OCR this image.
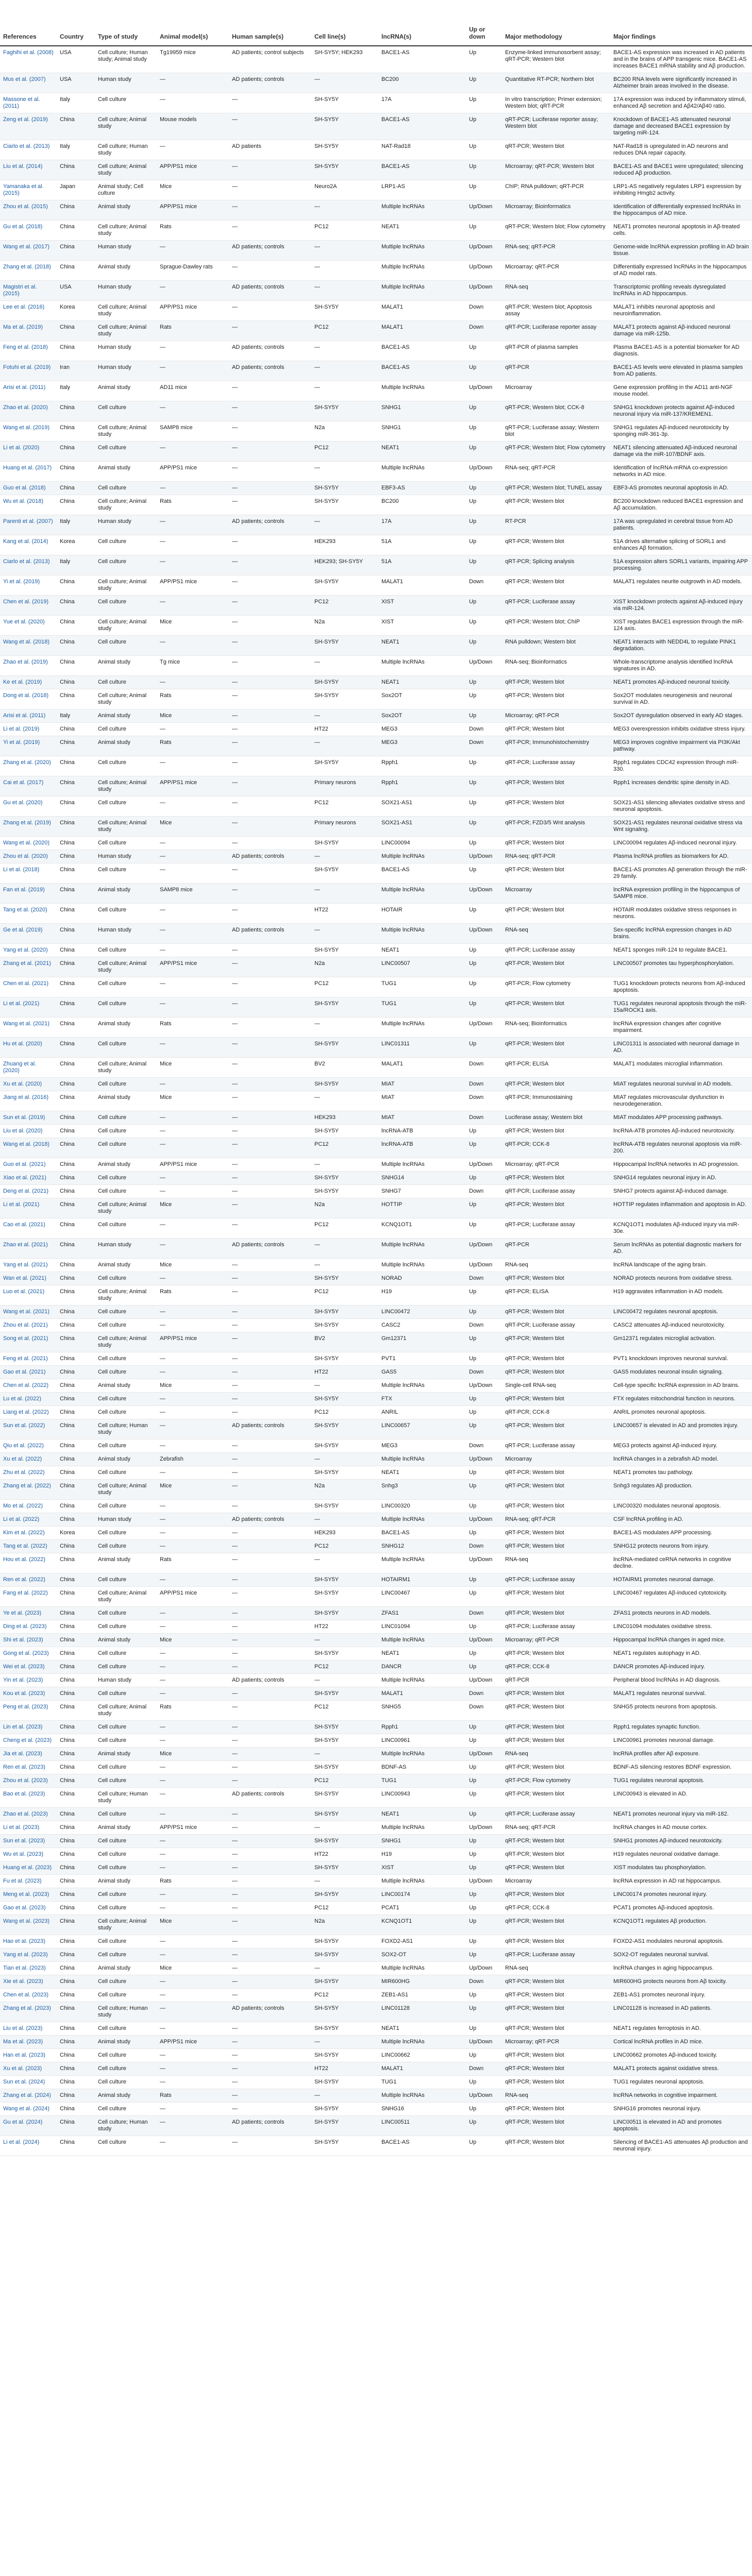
References	Country	Type of study	Animal model(s)	Human sample(s)	Cell line(s)	lncRNA(s)	Up or down	Major methodology	Major findings
Faghihi et al. (2008)	USA	Cell culture; Human study; Animal study	Tg19959 mice	AD patients; control subjects	SH-SY5Y; HEK293	BACE1-AS	Up	Enzyme-linked immunosorbent assay; qRT-PCR; Western blot	BACE1-AS expression was increased in AD patients and in the brains of APP transgenic mice. BACE1-AS increases BACE1 mRNA stability and Aβ production.
Mus et al. (2007)	USA	Human study	—	AD patients; controls	—	BC200	Up	Quantitative RT-PCR; Northern blot	BC200 RNA levels were significantly increased in Alzheimer brain areas involved in the disease.
Massone et al. (2011)	Italy	Cell culture	—	—	SH-SY5Y	17A	Up	In vitro transcription; Primer extension; Western blot; qRT-PCR	17A expression was induced by inflammatory stimuli, enhanced Aβ secretion and Aβ42/Aβ40 ratio.
Zeng et al. (2019)	China	Cell culture; Animal study	Mouse models	—	SH-SY5Y	BACE1-AS	Up	qRT-PCR; Luciferase reporter assay; Western blot	Knockdown of BACE1-AS attenuated neuronal damage and decreased BACE1 expression by targeting miR-124.
Ciarlo et al. (2013)	Italy	Cell culture; Human study	—	AD patients	SH-SY5Y	NAT-Rad18	Up	qRT-PCR; Western blot	NAT-Rad18 is upregulated in AD neurons and reduces DNA repair capacity.
Liu et al. (2014)	China	Cell culture; Animal study	APP/PS1 mice	—	SH-SY5Y	BACE1-AS	Up	Microarray; qRT-PCR; Western blot	BACE1-AS and BACE1 were upregulated; silencing reduced Aβ production.
Yamanaka et al. (2015)	Japan	Animal study; Cell culture	Mice	—	Neuro2A	LRP1-AS	Up	ChIP; RNA pulldown; qRT-PCR	LRP1-AS negatively regulates LRP1 expression by inhibiting Hmgb2 activity.
Zhou et al. (2015)	China	Animal study	APP/PS1 mice	—	—	Multiple lncRNAs	Up/Down	Microarray; Bioinformatics	Identification of differentially expressed lncRNAs in the hippocampus of AD mice.
Gu et al. (2018)	China	Cell culture; Animal study	Rats	—	PC12	NEAT1	Up	qRT-PCR; Western blot; Flow cytometry	NEAT1 promotes neuronal apoptosis in Aβ-treated cells.
Wang et al. (2017)	China	Human study	—	AD patients; controls	—	Multiple lncRNAs	Up/Down	RNA-seq; qRT-PCR	Genome-wide lncRNA expression profiling in AD brain tissue.
Zhang et al. (2018)	China	Animal study	Sprague-Dawley rats	—	—	Multiple lncRNAs	Up/Down	Microarray; qRT-PCR	Differentially expressed lncRNAs in the hippocampus of AD model rats.
Magistri et al. (2015)	USA	Human study	—	AD patients; controls	—	Multiple lncRNAs	Up/Down	RNA-seq	Transcriptomic profiling reveals dysregulated lncRNAs in AD hippocampus.
Lee et al. (2016)	Korea	Cell culture; Animal study	APP/PS1 mice	—	SH-SY5Y	MALAT1	Down	qRT-PCR; Western blot; Apoptosis assay	MALAT1 inhibits neuronal apoptosis and neuroinflammation.
Ma et al. (2019)	China	Cell culture; Animal study	Rats	—	PC12	MALAT1	Down	qRT-PCR; Luciferase reporter assay	MALAT1 protects against Aβ-induced neuronal damage via miR-125b.
Feng et al. (2018)	China	Human study	—	AD patients; controls	—	BACE1-AS	Up	qRT-PCR of plasma samples	Plasma BACE1-AS is a potential biomarker for AD diagnosis.
Fotuhi et al. (2019)	Iran	Human study	—	AD patients; controls	—	BACE1-AS	Up	qRT-PCR	BACE1-AS levels were elevated in plasma samples from AD patients.
Arisi et al. (2011)	Italy	Animal study	AD11 mice	—	—	Multiple lncRNAs	Up/Down	Microarray	Gene expression profiling in the AD11 anti-NGF mouse model.
Zhao et al. (2020)	China	Cell culture	—	—	SH-SY5Y	SNHG1	Up	qRT-PCR; Western blot; CCK-8	SNHG1 knockdown protects against Aβ-induced neuronal injury via miR-137/KREMEN1.
Wang et al. (2019)	China	Cell culture; Animal study	SAMP8 mice	—	N2a	SNHG1	Up	qRT-PCR; Luciferase assay; Western blot	SNHG1 regulates Aβ-induced neurotoxicity by sponging miR-361-3p.
Li et al. (2020)	China	Cell culture	—	—	PC12	NEAT1	Up	qRT-PCR; Western blot; Flow cytometry	NEAT1 silencing attenuated Aβ-induced neuronal damage via the miR-107/BDNF axis.
Huang et al. (2017)	China	Animal study	APP/PS1 mice	—	—	Multiple lncRNAs	Up/Down	RNA-seq; qRT-PCR	Identification of lncRNA-mRNA co-expression networks in AD mice.
Guo et al. (2018)	China	Cell culture	—	—	SH-SY5Y	EBF3-AS	Up	qRT-PCR; Western blot; TUNEL assay	EBF3-AS promotes neuronal apoptosis in AD.
Wu et al. (2018)	China	Cell culture; Animal study	Rats	—	SH-SY5Y	BC200	Up	qRT-PCR; Western blot	BC200 knockdown reduced BACE1 expression and Aβ accumulation.
Parenti et al. (2007)	Italy	Human study	—	AD patients; controls	—	17A	Up	RT-PCR	17A was upregulated in cerebral tissue from AD patients.
Kang et al. (2014)	Korea	Cell culture	—	—	HEK293	51A	Up	qRT-PCR; Western blot	51A drives alternative splicing of SORL1 and enhances Aβ formation.
Ciarlo et al. (2013)	Italy	Cell culture	—	—	HEK293; SH-SY5Y	51A	Up	qRT-PCR; Splicing analysis	51A expression alters SORL1 variants, impairing APP processing.
Yi et al. (2019)	China	Cell culture; Animal study	APP/PS1 mice	—	SH-SY5Y	MALAT1	Down	qRT-PCR; Western blot	MALAT1 regulates neurite outgrowth in AD models.
Chen et al. (2019)	China	Cell culture	—	—	PC12	XIST	Up	qRT-PCR; Luciferase assay	XIST knockdown protects against Aβ-induced injury via miR-124.
Yue et al. (2020)	China	Cell culture; Animal study	Mice	—	N2a	XIST	Up	qRT-PCR; Western blot; ChIP	XIST regulates BACE1 expression through the miR-124 axis.
Wang et al. (2018)	China	Cell culture	—	—	SH-SY5Y	NEAT1	Up	RNA pulldown; Western blot	NEAT1 interacts with NEDD4L to regulate PINK1 degradation.
Zhao et al. (2019)	China	Animal study	Tg mice	—	—	Multiple lncRNAs	Up/Down	RNA-seq; Bioinformatics	Whole-transcriptome analysis identified lncRNA signatures in AD.
Ke et al. (2019)	China	Cell culture	—	—	SH-SY5Y	NEAT1	Up	qRT-PCR; Western blot	NEAT1 promotes Aβ-induced neuronal toxicity.
Dong et al. (2018)	China	Cell culture; Animal study	Rats	—	SH-SY5Y	Sox2OT	Up	qRT-PCR; Western blot	Sox2OT modulates neurogenesis and neuronal survival in AD.
Arisi et al. (2011)	Italy	Animal study	Mice	—	—	Sox2OT	Up	Microarray; qRT-PCR	Sox2OT dysregulation observed in early AD stages.
Li et al. (2019)	China	Cell culture	—	—	HT22	MEG3	Down	qRT-PCR; Western blot	MEG3 overexpression inhibits oxidative stress injury.
Yi et al. (2019)	China	Animal study	Rats	—	—	MEG3	Down	qRT-PCR; Immunohistochemistry	MEG3 improves cognitive impairment via PI3K/Akt pathway.
Zhang et al. (2020)	China	Cell culture	—	—	SH-SY5Y	Rpph1	Up	qRT-PCR; Luciferase assay	Rpph1 regulates CDC42 expression through miR-330.
Cai et al. (2017)	China	Cell culture; Animal study	APP/PS1 mice	—	Primary neurons	Rpph1	Up	qRT-PCR; Western blot	Rpph1 increases dendritic spine density in AD.
Gu et al. (2020)	China	Cell culture	—	—	PC12	SOX21-AS1	Up	qRT-PCR; Western blot	SOX21-AS1 silencing alleviates oxidative stress and neuronal apoptosis.
Zhang et al. (2019)	China	Cell culture; Animal study	Mice	—	Primary neurons	SOX21-AS1	Up	qRT-PCR; FZD3/5 Wnt analysis	SOX21-AS1 regulates neuronal oxidative stress via Wnt signaling.
Wang et al. (2020)	China	Cell culture	—	—	SH-SY5Y	LINC00094	Up	qRT-PCR; Western blot	LINC00094 regulates Aβ-induced neuronal injury.
Zhou et al. (2020)	China	Human study	—	AD patients; controls	—	Multiple lncRNAs	Up/Down	RNA-seq; qRT-PCR	Plasma lncRNA profiles as biomarkers for AD.
Li et al. (2018)	China	Cell culture	—	—	SH-SY5Y	BACE1-AS	Up	qRT-PCR; Western blot	BACE1-AS promotes Aβ generation through the miR-29 family.
Fan et al. (2019)	China	Animal study	SAMP8 mice	—	—	Multiple lncRNAs	Up/Down	Microarray	lncRNA expression profiling in the hippocampus of SAMP8 mice.
Tang et al. (2020)	China	Cell culture	—	—	HT22	HOTAIR	Up	qRT-PCR; Western blot	HOTAIR modulates oxidative stress responses in neurons.
Ge et al. (2019)	China	Human study	—	AD patients; controls	—	Multiple lncRNAs	Up/Down	RNA-seq	Sex-specific lncRNA expression changes in AD brains.
Yang et al. (2020)	China	Cell culture	—	—	SH-SY5Y	NEAT1	Up	qRT-PCR; Luciferase assay	NEAT1 sponges miR-124 to regulate BACE1.
Zhang et al. (2021)	China	Cell culture; Animal study	APP/PS1 mice	—	N2a	LINC00507	Up	qRT-PCR; Western blot	LINC00507 promotes tau hyperphosphorylation.
Chen et al. (2021)	China	Cell culture	—	—	PC12	TUG1	Up	qRT-PCR; Flow cytometry	TUG1 knockdown protects neurons from Aβ-induced apoptosis.
Li et al. (2021)	China	Cell culture	—	—	SH-SY5Y	TUG1	Up	qRT-PCR; Western blot	TUG1 regulates neuronal apoptosis through the miR-15a/ROCK1 axis.
Wang et al. (2021)	China	Animal study	Rats	—	—	Multiple lncRNAs	Up/Down	RNA-seq; Bioinformatics	lncRNA expression changes after cognitive impairment.
Hu et al. (2020)	China	Cell culture	—	—	SH-SY5Y	LINC01311	Up	qRT-PCR; Western blot	LINC01311 is associated with neuronal damage in AD.
Zhuang et al. (2020)	China	Cell culture; Animal study	Mice	—	BV2	MALAT1	Down	qRT-PCR; ELISA	MALAT1 modulates microglial inflammation.
Xu et al. (2020)	China	Cell culture	—	—	SH-SY5Y	MIAT	Down	qRT-PCR; Western blot	MIAT regulates neuronal survival in AD models.
Jiang et al. (2016)	China	Animal study	Mice	—	—	MIAT	Down	qRT-PCR; Immunostaining	MIAT regulates microvascular dysfunction in neurodegeneration.
Sun et al. (2019)	China	Cell culture	—	—	HEK293	MIAT	Down	Luciferase assay; Western blot	MIAT modulates APP processing pathways.
Liu et al. (2020)	China	Cell culture	—	—	SH-SY5Y	lncRNA-ATB	Up	qRT-PCR; Western blot	lncRNA-ATB promotes Aβ-induced neurotoxicity.
Wang et al. (2018)	China	Cell culture	—	—	PC12	lncRNA-ATB	Up	qRT-PCR; CCK-8	lncRNA-ATB regulates neuronal apoptosis via miR-200.
Guo et al. (2021)	China	Animal study	APP/PS1 mice	—	—	Multiple lncRNAs	Up/Down	Microarray; qRT-PCR	Hippocampal lncRNA networks in AD progression.
Xiao et al. (2021)	China	Cell culture	—	—	SH-SY5Y	SNHG14	Up	qRT-PCR; Western blot	SNHG14 regulates neuronal injury in AD.
Deng et al. (2021)	China	Cell culture	—	—	SH-SY5Y	SNHG7	Down	qRT-PCR; Luciferase assay	SNHG7 protects against Aβ-induced damage.
Li et al. (2021)	China	Cell culture; Animal study	Mice	—	N2a	HOTTIP	Up	qRT-PCR; Western blot	HOTTIP regulates inflammation and apoptosis in AD.
Cao et al. (2021)	China	Cell culture	—	—	PC12	KCNQ1OT1	Up	qRT-PCR; Luciferase assay	KCNQ1OT1 modulates Aβ-induced injury via miR-30e.
Zhao et al. (2021)	China	Human study	—	AD patients; controls	—	Multiple lncRNAs	Up/Down	qRT-PCR	Serum lncRNAs as potential diagnostic markers for AD.
Yang et al. (2021)	China	Animal study	Mice	—	—	Multiple lncRNAs	Up/Down	RNA-seq	lncRNA landscape of the aging brain.
Wan et al. (2021)	China	Cell culture	—	—	SH-SY5Y	NORAD	Down	qRT-PCR; Western blot	NORAD protects neurons from oxidative stress.
Luo et al. (2021)	China	Cell culture; Animal study	Rats	—	PC12	H19	Up	qRT-PCR; ELISA	H19 aggravates inflammation in AD models.
Wang et al. (2021)	China	Cell culture	—	—	SH-SY5Y	LINC00472	Up	qRT-PCR; Western blot	LINC00472 regulates neuronal apoptosis.
Zhou et al. (2021)	China	Cell culture	—	—	SH-SY5Y	CASC2	Down	qRT-PCR; Luciferase assay	CASC2 attenuates Aβ-induced neurotoxicity.
Song et al. (2021)	China	Cell culture; Animal study	APP/PS1 mice	—	BV2	Gm12371	Up	qRT-PCR; Western blot	Gm12371 regulates microglial activation.
Feng et al. (2021)	China	Cell culture	—	—	SH-SY5Y	PVT1	Up	qRT-PCR; Western blot	PVT1 knockdown improves neuronal survival.
Gao et al. (2021)	China	Cell culture	—	—	HT22	GAS5	Down	qRT-PCR; Western blot	GAS5 modulates neuronal insulin signaling.
Chen et al. (2022)	China	Animal study	Mice	—	—	Multiple lncRNAs	Up/Down	Single-cell RNA-seq	Cell-type specific lncRNA expression in AD brains.
Lu et al. (2022)	China	Cell culture	—	—	SH-SY5Y	FTX	Up	qRT-PCR; Western blot	FTX regulates mitochondrial function in neurons.
Liang et al. (2022)	China	Cell culture	—	—	PC12	ANRIL	Up	qRT-PCR; CCK-8	ANRIL promotes neuronal apoptosis.
Sun et al. (2022)	China	Cell culture; Human study	—	AD patients; controls	SH-SY5Y	LINC00657	Up	qRT-PCR; Western blot	LINC00657 is elevated in AD and promotes injury.
Qiu et al. (2022)	China	Cell culture	—	—	SH-SY5Y	MEG3	Down	qRT-PCR; Luciferase assay	MEG3 protects against Aβ-induced injury.
Xu et al. (2022)	China	Animal study	Zebrafish	—	—	Multiple lncRNAs	Up/Down	Microarray	lncRNA changes in a zebrafish AD model.
Zhu et al. (2022)	China	Cell culture	—	—	SH-SY5Y	NEAT1	Up	qRT-PCR; Western blot	NEAT1 promotes tau pathology.
Zhang et al. (2022)	China	Cell culture; Animal study	Mice	—	N2a	Snhg3	Up	qRT-PCR; Western blot	Snhg3 regulates Aβ production.
Mo et al. (2022)	China	Cell culture	—	—	SH-SY5Y	LINC00320	Up	qRT-PCR; Western blot	LINC00320 modulates neuronal apoptosis.
Li et al. (2022)	China	Human study	—	AD patients; controls	—	Multiple lncRNAs	Up/Down	RNA-seq; qRT-PCR	CSF lncRNA profiling in AD.
Kim et al. (2022)	Korea	Cell culture	—	—	HEK293	BACE1-AS	Up	qRT-PCR; Western blot	BACE1-AS modulates APP processing.
Tang et al. (2022)	China	Cell culture	—	—	PC12	SNHG12	Down	qRT-PCR; Western blot	SNHG12 protects neurons from injury.
Hou et al. (2022)	China	Animal study	Rats	—	—	Multiple lncRNAs	Up/Down	RNA-seq	lncRNA-mediated ceRNA networks in cognitive decline.
Ren et al. (2022)	China	Cell culture	—	—	SH-SY5Y	HOTAIRM1	Up	qRT-PCR; Luciferase assay	HOTAIRM1 promotes neuronal damage.
Fang et al. (2022)	China	Cell culture; Animal study	APP/PS1 mice	—	SH-SY5Y	LINC00467	Up	qRT-PCR; Western blot	LINC00467 regulates Aβ-induced cytotoxicity.
Ye et al. (2023)	China	Cell culture	—	—	SH-SY5Y	ZFAS1	Down	qRT-PCR; Western blot	ZFAS1 protects neurons in AD models.
Ding et al. (2023)	China	Cell culture	—	—	HT22	LINC01094	Up	qRT-PCR; Luciferase assay	LINC01094 modulates oxidative stress.
Shi et al. (2023)	China	Animal study	Mice	—	—	Multiple lncRNAs	Up/Down	Microarray; qRT-PCR	Hippocampal lncRNA changes in aged mice.
Gong et al. (2023)	China	Cell culture	—	—	SH-SY5Y	NEAT1	Up	qRT-PCR; Western blot	NEAT1 regulates autophagy in AD.
Wei et al. (2023)	China	Cell culture	—	—	PC12	DANCR	Up	qRT-PCR; CCK-8	DANCR promotes Aβ-induced injury.
Yin et al. (2023)	China	Human study	—	AD patients; controls	—	Multiple lncRNAs	Up/Down	qRT-PCR	Peripheral blood lncRNAs in AD diagnosis.
Kou et al. (2023)	China	Cell culture	—	—	SH-SY5Y	MALAT1	Down	qRT-PCR; Western blot	MALAT1 regulates neuronal survival.
Peng et al. (2023)	China	Cell culture; Animal study	Rats	—	PC12	SNHG5	Down	qRT-PCR; Western blot	SNHG5 protects neurons from apoptosis.
Lin et al. (2023)	China	Cell culture	—	—	SH-SY5Y	Rpph1	Up	qRT-PCR; Western blot	Rpph1 regulates synaptic function.
Cheng et al. (2023)	China	Cell culture	—	—	SH-SY5Y	LINC00961	Up	qRT-PCR; Western blot	LINC00961 promotes neuronal damage.
Jia et al. (2023)	China	Animal study	Mice	—	—	Multiple lncRNAs	Up/Down	RNA-seq	lncRNA profiles after Aβ exposure.
Ren et al. (2023)	China	Cell culture	—	—	SH-SY5Y	BDNF-AS	Up	qRT-PCR; Western blot	BDNF-AS silencing restores BDNF expression.
Zhou et al. (2023)	China	Cell culture	—	—	PC12	TUG1	Up	qRT-PCR; Flow cytometry	TUG1 regulates neuronal apoptosis.
Bao et al. (2023)	China	Cell culture; Human study	—	AD patients; controls	SH-SY5Y	LINC00943	Up	qRT-PCR; Western blot	LINC00943 is elevated in AD.
Zhao et al. (2023)	China	Cell culture	—	—	SH-SY5Y	NEAT1	Up	qRT-PCR; Luciferase assay	NEAT1 promotes neuronal injury via miR-182.
Li et al. (2023)	China	Animal study	APP/PS1 mice	—	—	Multiple lncRNAs	Up/Down	RNA-seq; qRT-PCR	lncRNA changes in AD mouse cortex.
Sun et al. (2023)	China	Cell culture	—	—	SH-SY5Y	SNHG1	Up	qRT-PCR; Western blot	SNHG1 promotes Aβ-induced neurotoxicity.
Wu et al. (2023)	China	Cell culture	—	—	HT22	H19	Up	qRT-PCR; Western blot	H19 regulates neuronal oxidative damage.
Huang et al. (2023)	China	Cell culture	—	—	SH-SY5Y	XIST	Up	qRT-PCR; Western blot	XIST modulates tau phosphorylation.
Fu et al. (2023)	China	Animal study	Rats	—	—	Multiple lncRNAs	Up/Down	Microarray	lncRNA expression in AD rat hippocampus.
Meng et al. (2023)	China	Cell culture	—	—	SH-SY5Y	LINC00174	Up	qRT-PCR; Western blot	LINC00174 promotes neuronal injury.
Gao et al. (2023)	China	Cell culture	—	—	PC12	PCAT1	Up	qRT-PCR; CCK-8	PCAT1 promotes Aβ-induced apoptosis.
Wang et al. (2023)	China	Cell culture; Animal study	Mice	—	N2a	KCNQ1OT1	Up	qRT-PCR; Western blot	KCNQ1OT1 regulates Aβ production.
Hao et al. (2023)	China	Cell culture	—	—	SH-SY5Y	FOXD2-AS1	Up	qRT-PCR; Western blot	FOXD2-AS1 modulates neuronal apoptosis.
Yang et al. (2023)	China	Cell culture	—	—	SH-SY5Y	SOX2-OT	Up	qRT-PCR; Luciferase assay	SOX2-OT regulates neuronal survival.
Tian et al. (2023)	China	Animal study	Mice	—	—	Multiple lncRNAs	Up/Down	RNA-seq	lncRNA changes in aging hippocampus.
Xie et al. (2023)	China	Cell culture	—	—	SH-SY5Y	MIR600HG	Down	qRT-PCR; Western blot	MIR600HG protects neurons from Aβ toxicity.
Chen et al. (2023)	China	Cell culture	—	—	PC12	ZEB1-AS1	Up	qRT-PCR; Western blot	ZEB1-AS1 promotes neuronal injury.
Zhang et al. (2023)	China	Cell culture; Human study	—	AD patients; controls	SH-SY5Y	LINC01128	Up	qRT-PCR; Western blot	LINC01128 is increased in AD patients.
Liu et al. (2023)	China	Cell culture	—	—	SH-SY5Y	NEAT1	Up	qRT-PCR; Western blot	NEAT1 regulates ferroptosis in AD.
Ma et al. (2023)	China	Animal study	APP/PS1 mice	—	—	Multiple lncRNAs	Up/Down	Microarray; qRT-PCR	Cortical lncRNA profiles in AD mice.
Han et al. (2023)	China	Cell culture	—	—	SH-SY5Y	LINC00662	Up	qRT-PCR; Western blot	LINC00662 promotes Aβ-induced toxicity.
Xu et al. (2023)	China	Cell culture	—	—	HT22	MALAT1	Down	qRT-PCR; Western blot	MALAT1 protects against oxidative stress.
Sun et al. (2024)	China	Cell culture	—	—	SH-SY5Y	TUG1	Up	qRT-PCR; Western blot	TUG1 regulates neuronal apoptosis.
Zhang et al. (2024)	China	Animal study	Rats	—	—	Multiple lncRNAs	Up/Down	RNA-seq	lncRNA networks in cognitive impairment.
Wang et al. (2024)	China	Cell culture	—	—	SH-SY5Y	SNHG16	Up	qRT-PCR; Western blot	SNHG16 promotes neuronal injury.
Gu et al. (2024)	China	Cell culture; Human study	—	AD patients; controls	SH-SY5Y	LINC00511	Up	qRT-PCR; Western blot	LINC00511 is elevated in AD and promotes apoptosis.
Li et al. (2024)	China	Cell culture	—	—	SH-SY5Y	BACE1-AS	Up	qRT-PCR; Western blot	Silencing of BACE1-AS attenuates Aβ production and neuronal injury.
